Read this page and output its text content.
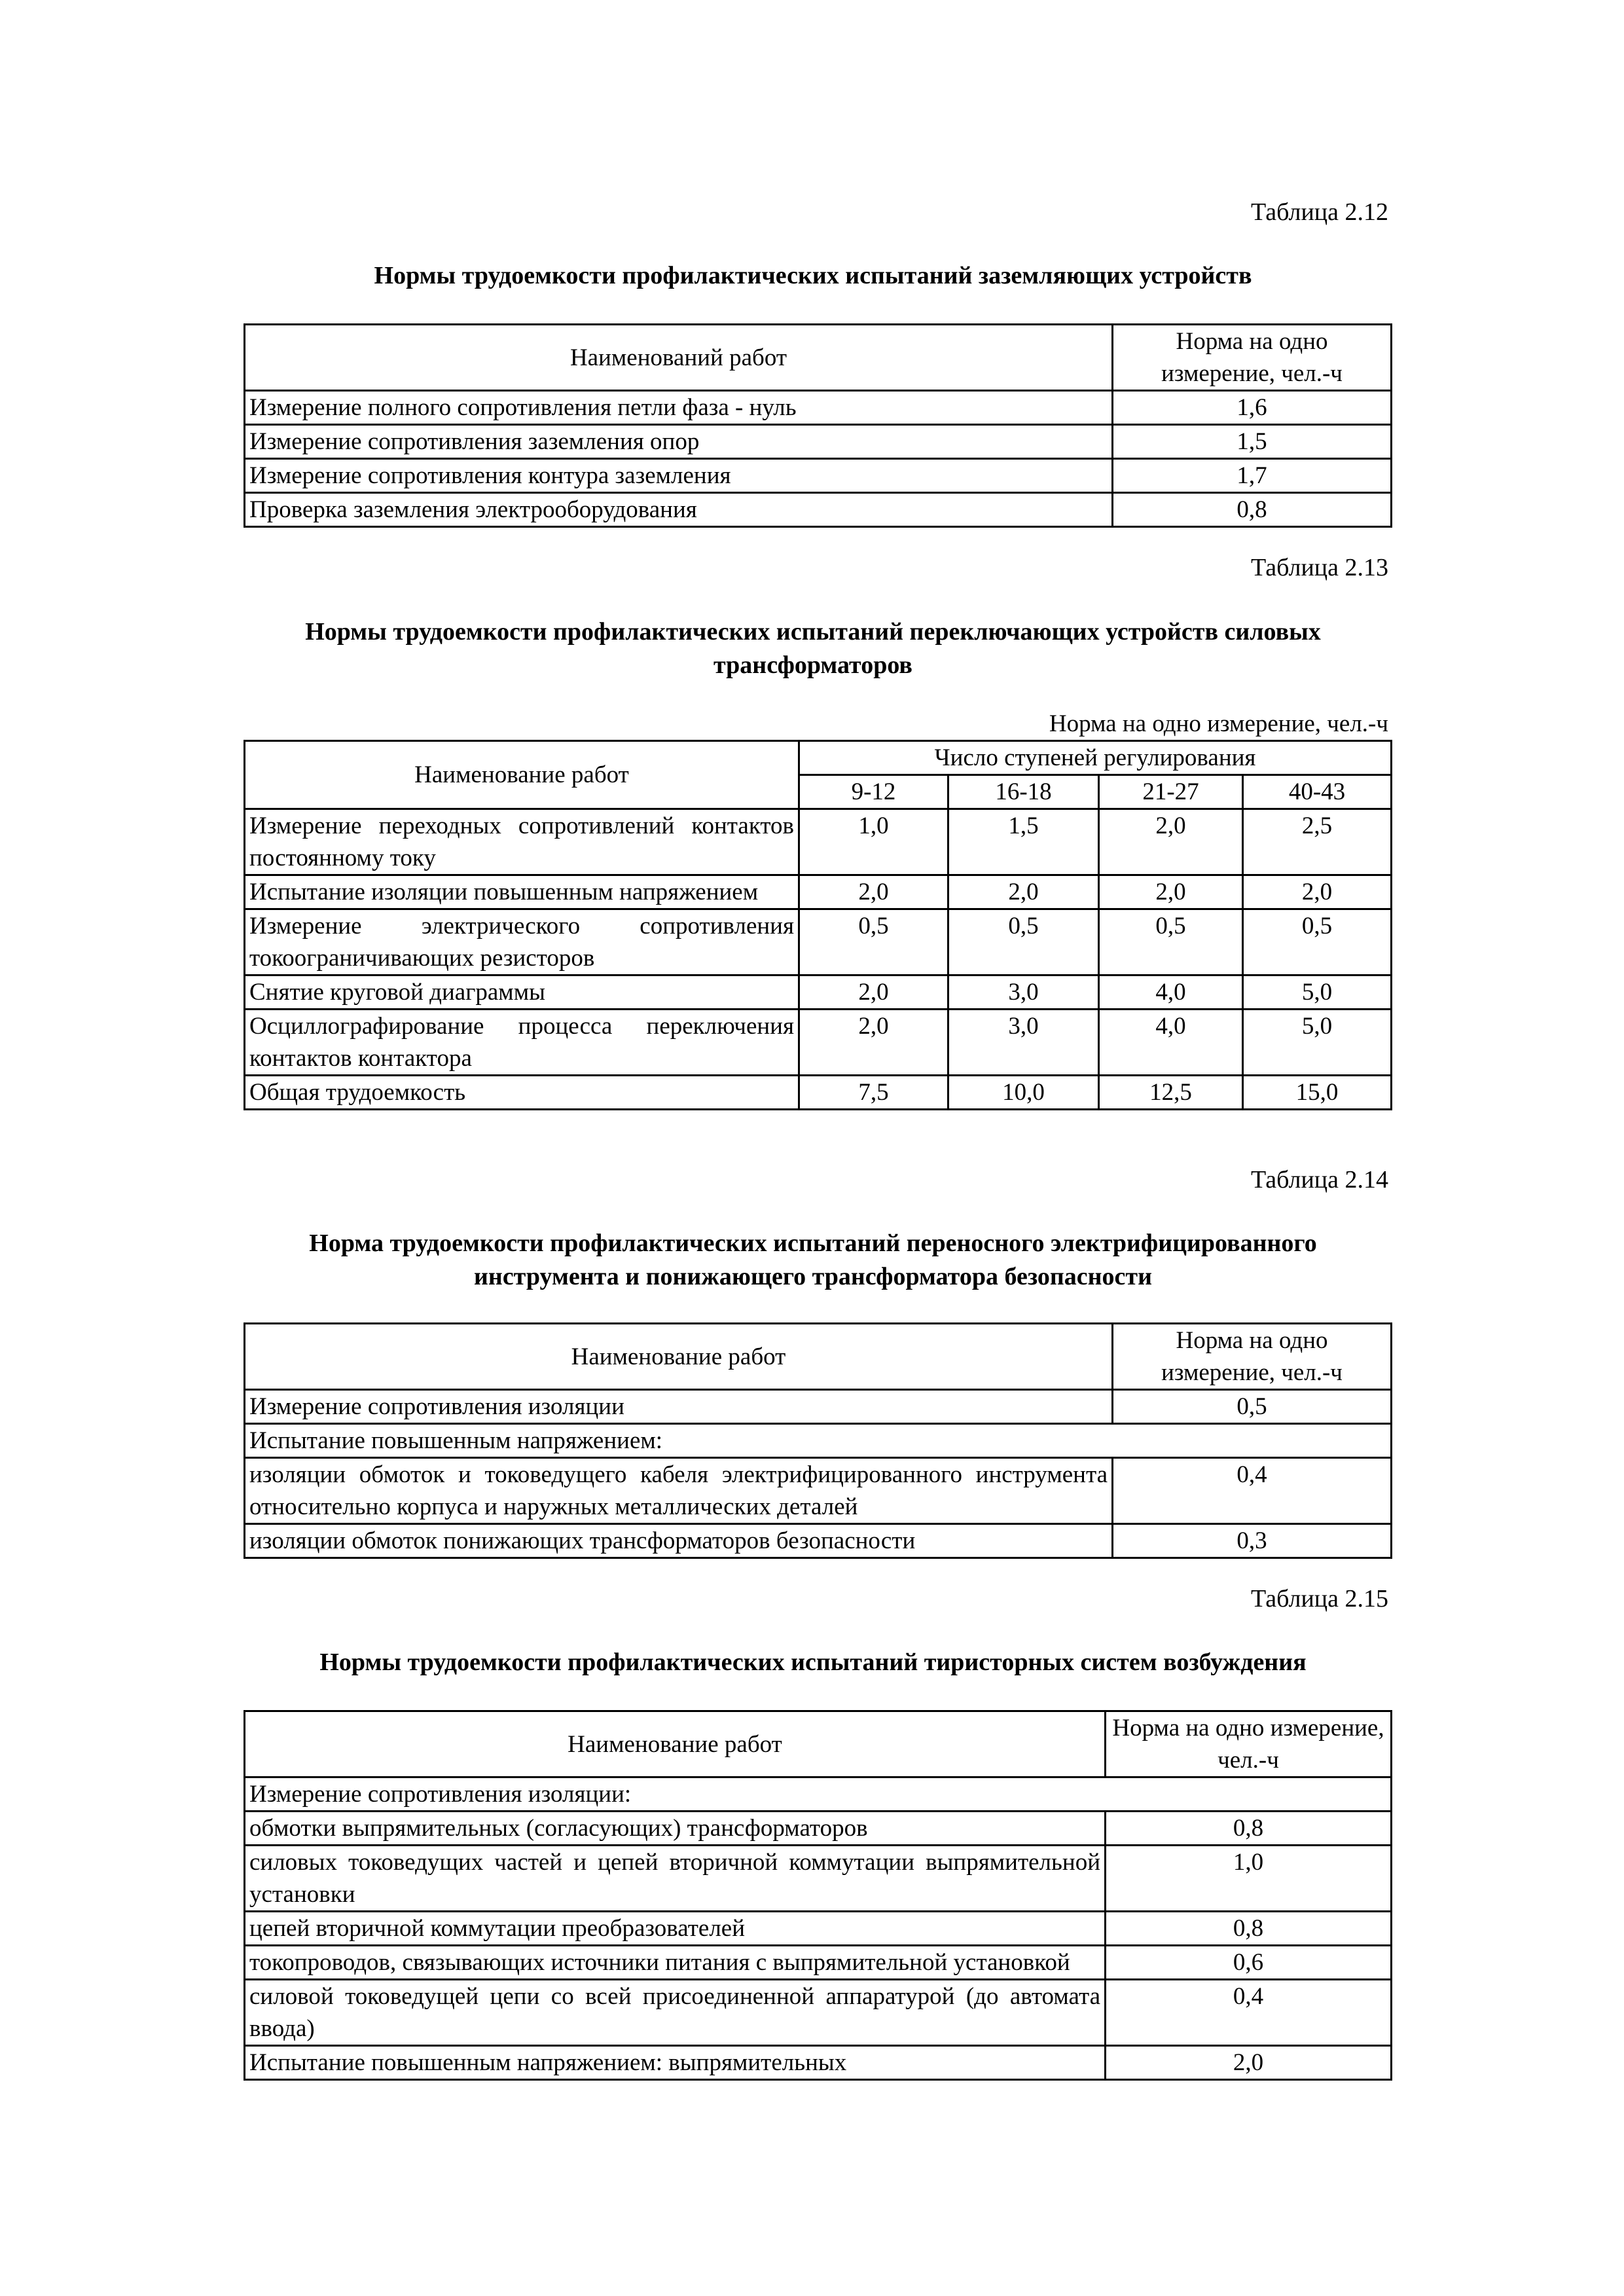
Таблица 2.12
Нормы трудоемкости профилактических испытаний заземляющих устройств
Наименований работ	Норма на одно измерение, чел.-ч
Измерение полного сопротивления петли фаза - нуль	1,6
Измерение сопротивления заземления опор	1,5
Измерение сопротивления контура заземления	1,7
Проверка заземления электрооборудования	0,8
Таблица 2.13
Нормы трудоемкости профилактических испытаний переключающих устройств силовых трансформаторов
Норма на одно измерение, чел.-ч
Наименование работ	Число ступеней регулирования			
	9-12	16-18	21-27	40-43
Измерение переходных сопротивлений контактов постоянному току	1,0	1,5	2,0	2,5
Испытание изоляции повышенным напряжением	2,0	2,0	2,0	2,0
Измерение электрического сопротивления токоограничивающих резисторов	0,5	0,5	0,5	0,5
Снятие круговой диаграммы	2,0	3,0	4,0	5,0
Осциллографирование процесса переключения контактов контактора	2,0	3,0	4,0	5,0
Общая трудоемкость	7,5	10,0	12,5	15,0
Таблица 2.14
Норма трудоемкости профилактических испытаний переносного электрифицированного инструмента и понижающего трансформатора безопасности
Наименование работ	Норма на одно измерение, чел.-ч
Измерение сопротивления изоляции	0,5
Испытание повышенным напряжением:	
изоляции обмоток и токоведущего кабеля электрифицированного инструмента относительно корпуса и наружных металлических деталей	0,4
изоляции обмоток понижающих трансформаторов безопасности	0,3
Таблица 2.15
Нормы трудоемкости профилактических испытаний тиристорных систем возбуждения
Наименование работ	Норма на одно измерение, чел.-ч
Измерение сопротивления изоляции:	
обмотки выпрямительных (согласующих) трансформаторов	0,8
силовых токоведущих частей и цепей вторичной коммутации выпрямительной установки	1,0
цепей вторичной коммутации преобразователей	0,8
токопроводов, связывающих источники питания с выпрямительной установкой	0,6
силовой токоведущей цепи со всей присоединенной аппаратурой (до автомата ввода)	0,4
Испытание повышенным напряжением: выпрямительных	2,0
